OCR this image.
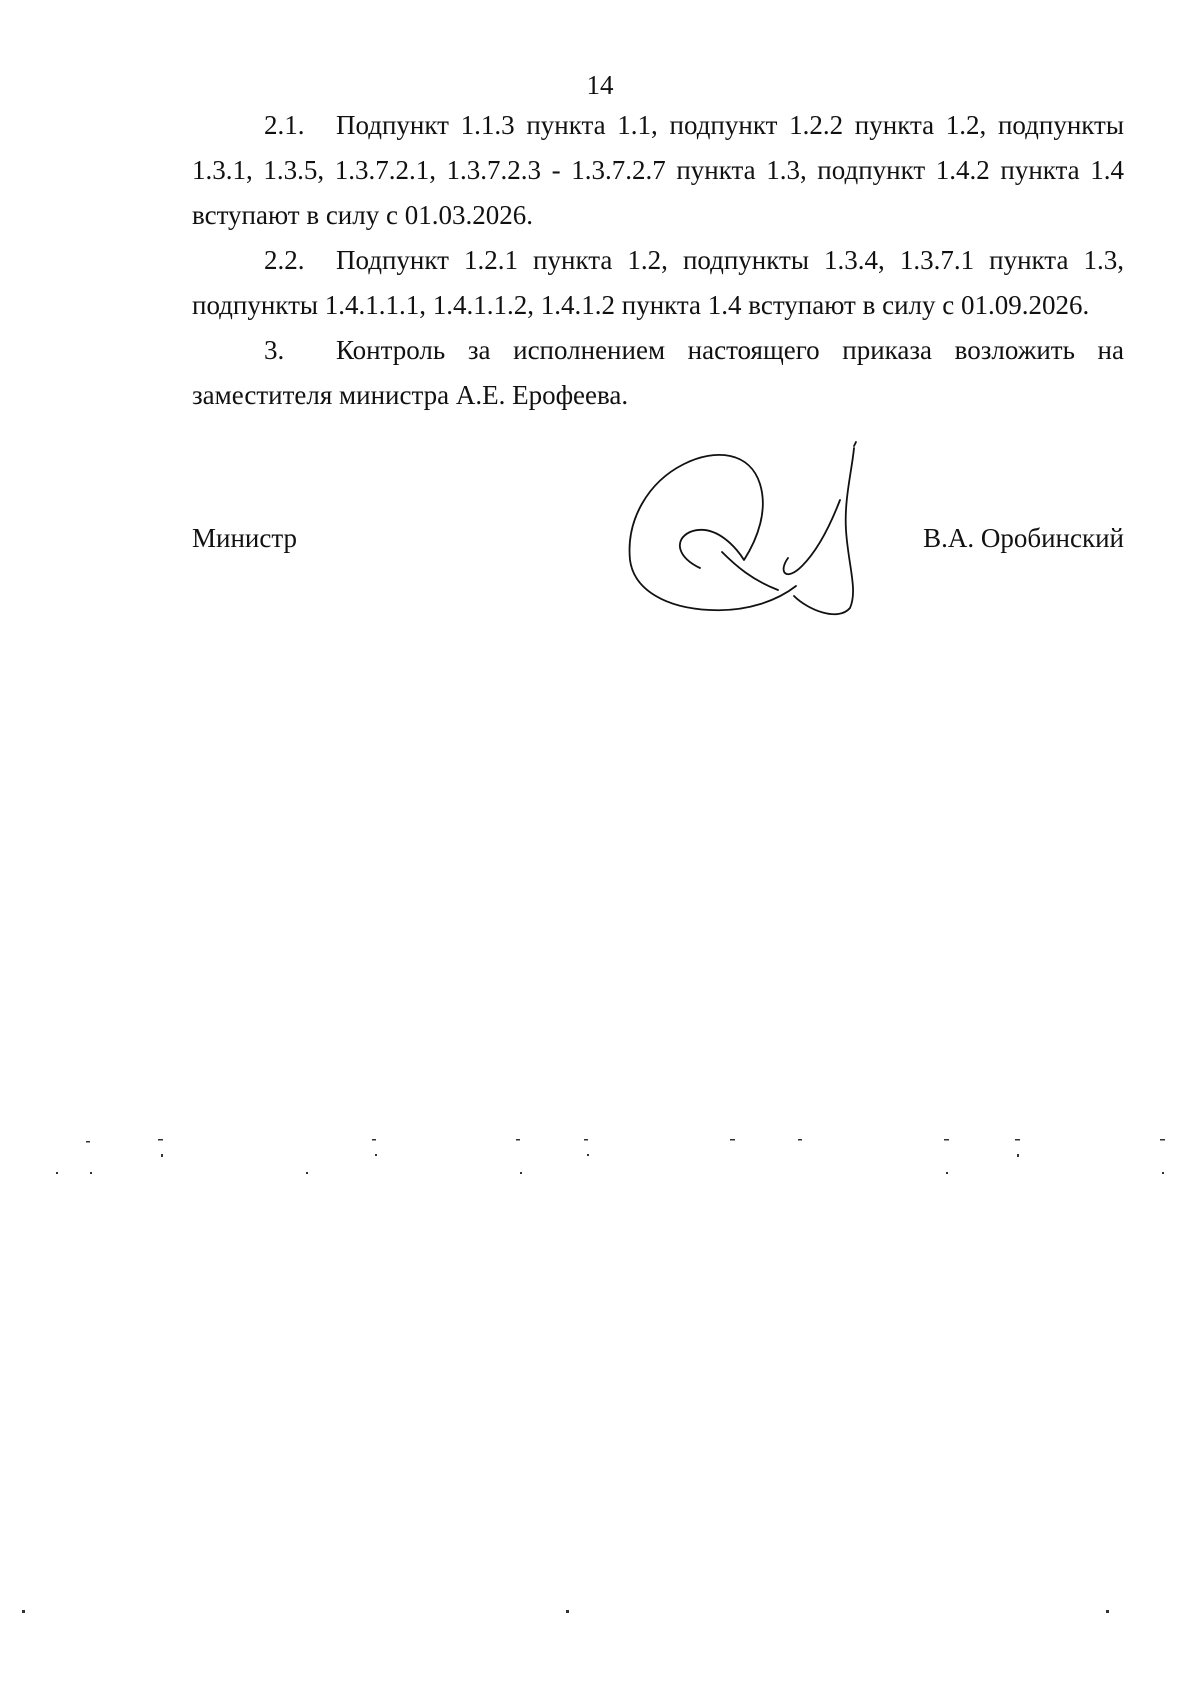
14

2.1. Подпункт 1.1.3 пункта 1.1, подпункт 1.2.2 пункта 1.2, подпункты 1.3.1, 1.3.5, 1.3.7.2.1, 1.3.7.2.3 - 1.3.7.2.7 пункта 1.3, подпункт 1.4.2 пункта 1.4 вступают в силу с 01.03.2026.

2.2. Подпункт 1.2.1 пункта 1.2, подпункты 1.3.4, 1.3.7.1 пункта 1.3, подпункты 1.4.1.1.1, 1.4.1.1.2, 1.4.1.2 пункта 1.4 вступают в силу с 01.09.2026.

3. Контроль за исполнением настоящего приказа возложить на заместителя министра А.Е. Ерофеева.

Министр	В.А. Оробинский
